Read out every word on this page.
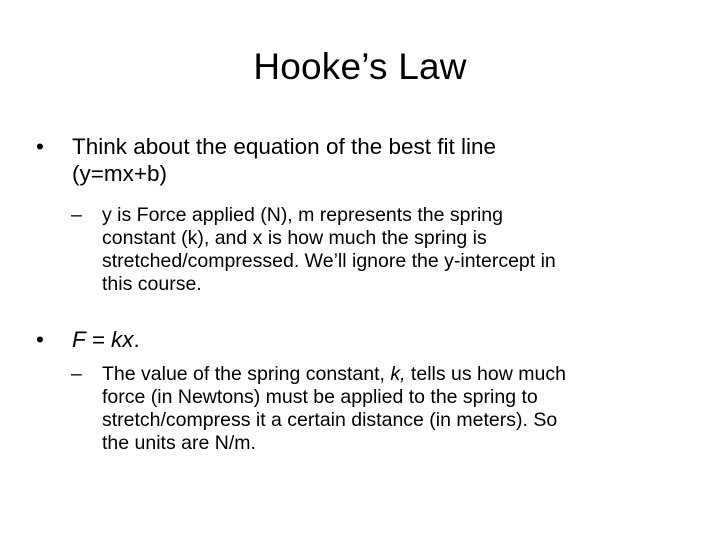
Hooke’s Law
• Think about the equation of the best fit line
(y=mx+b)
– y is Force applied (N), m represents the spring
constant (k), and x is how much the spring is
stretched/compressed. We’ll ignore the y-intercept in
this course.
• F = kx.
– The value of the spring constant, k, tells us how much
force (in Newtons) must be applied to the spring to
stretch/compress it a certain distance (in meters). So
the units are N/m.
